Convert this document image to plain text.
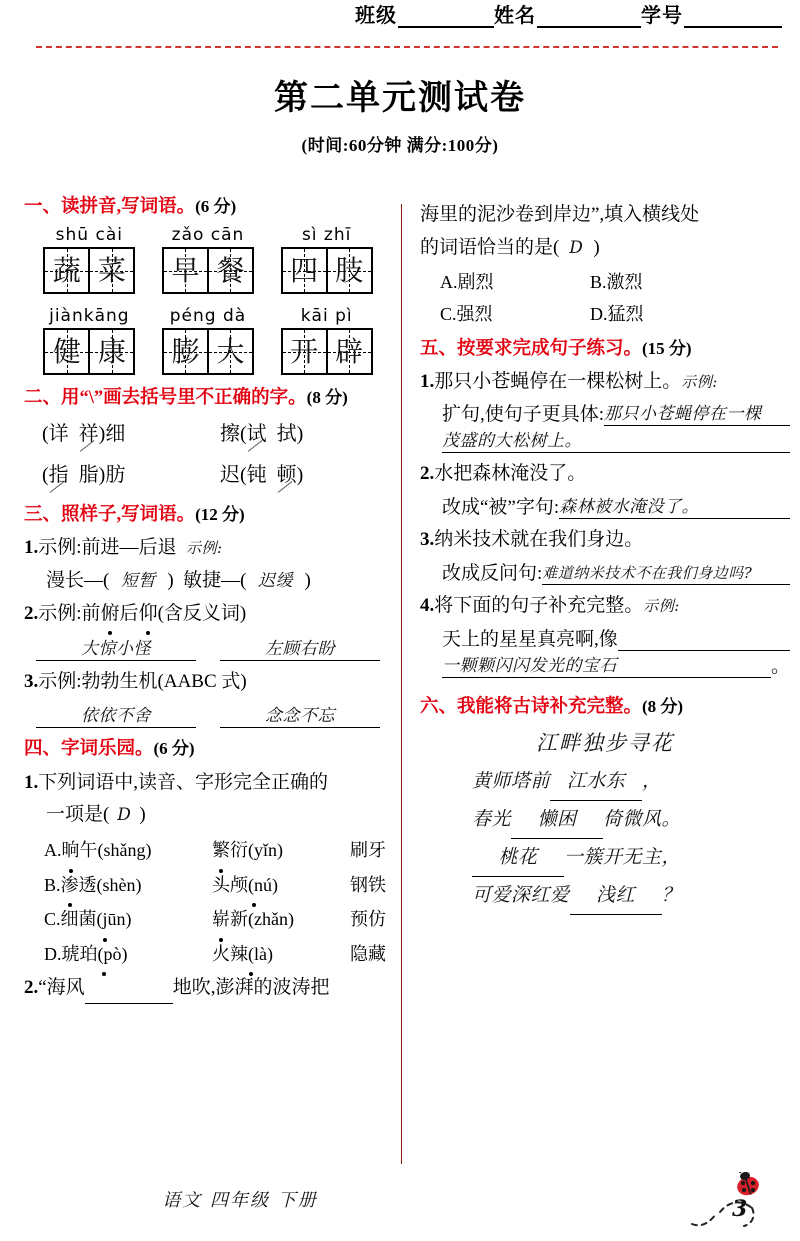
班级	姓名	学号
第二单元测试卷
(时间:60分钟 满分:100分)
一、读拼音,写词语。(6 分)
shū cài
蔬 菜
zǎo cān
早 餐
sì zhī
四 肢
jiànkāng
健 康
péng dà
膨 大
kāi pì
开 辟
二、用“\”画去括号里不正确的字。(8 分)
(详 祥)细	擦(试 拭)
(指 脂)肪	迟(钝 顿)
三、照样子,写词语。(12 分)
1.示例:前进—后退 示例:
漫长—( 短暂 ) 敏捷—( 迟缓 )
2.示例:前俯后仰(含反义词)
大惊小怪	左顾右盼
3.示例:勃勃生机(AABC 式)
依依不舍	念念不忘
四、字词乐园。(6 分)
1.下列词语中,读音、字形完全正确的
一项是( D )
A.晌午(shǎng)	繁衍(yǐn)	刷牙
B.渗透(shèn)	头颅(nú)	钢铁
C.细菌(jūn)	崭新(zhǎn)	预仿
D.琥珀(pò)	火辣(là)	隐藏
2.“海风	地吹,澎湃的波涛把
海里的泥沙卷到岸边”,填入横线处
的词语恰当的是( D )
A.剧烈	B.激烈
C.强烈	D.猛烈
五、按要求完成句子练习。(15 分)
1.那只小苍蝇停在一棵松树上。示例:
扩句,使句子更具体: 那只小苍蝇停在一棵
茂盛的大松树上。
2.水把森林淹没了。
改成“被”字句: 森林被水淹没了。
3.纳米技术就在我们身边。
改成反问句: 难道纳米技术不在我们身边吗?
4.将下面的句子补充完整。示例:
天上的星星真亮啊,像

一颗颗闪闪发光的宝石	。
六、我能将古诗补充完整。(8 分)
江畔独步寻花
黄师塔前 江水东 ，
春光 懒困 倚微风。
桃花 一簇开无主，
可爱深红爱 浅红 ？
语文 四年级 下册	3
